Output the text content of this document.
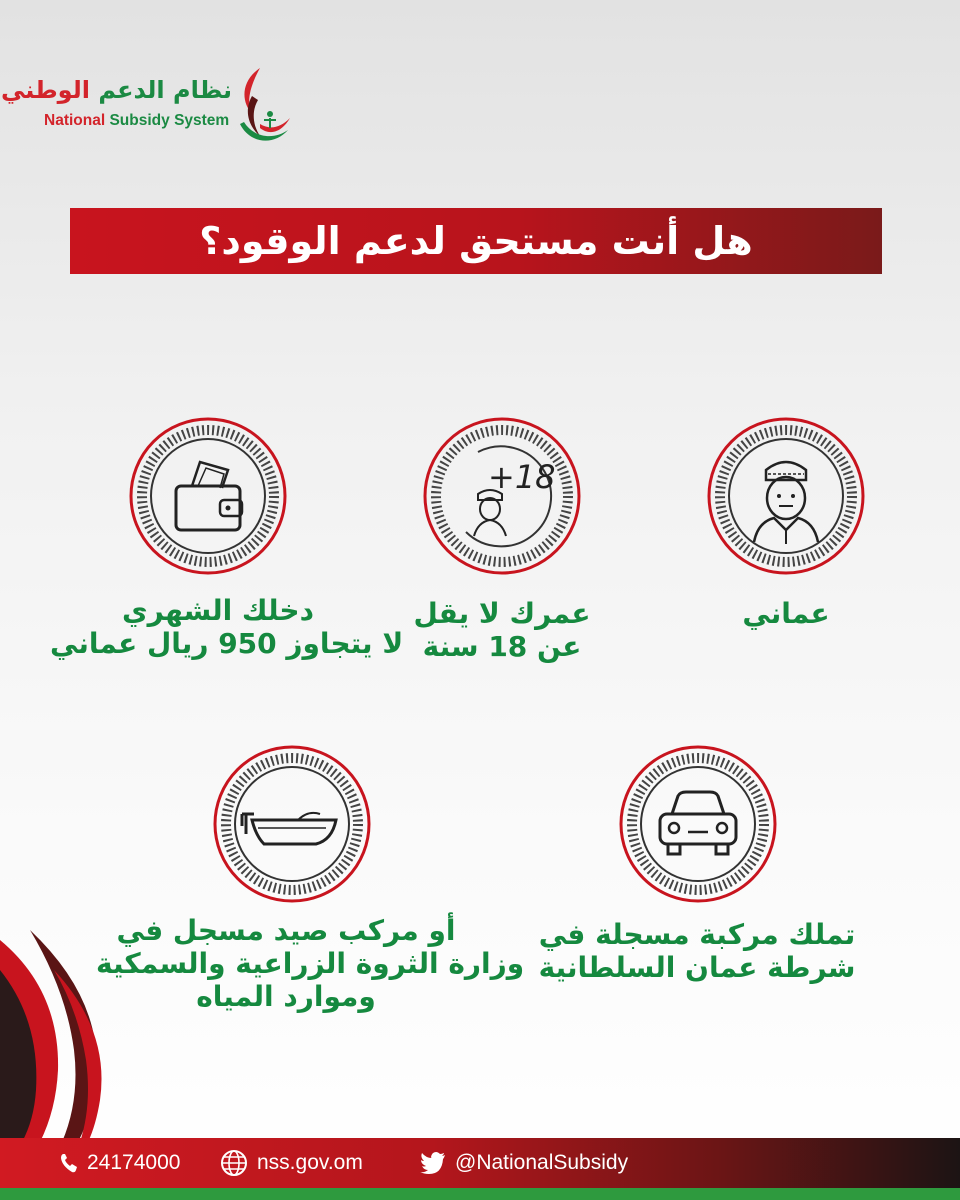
نظام الدعم الوطني
National Subsidy System
هل أنت مستحق لدعم الوقود؟
عماني
+18
عمرك لا يقل
عن 18 سنة
دخلك الشهري
لا يتجاوز 950 ريال عماني
تملك مركبة مسجلة في
شرطة عمان السلطانية
أو مركب صيد مسجل في
وزارة الثروة الزراعية والسمكية
وموارد المياه
24174000	nss.gov.om	@NationalSubsidy
